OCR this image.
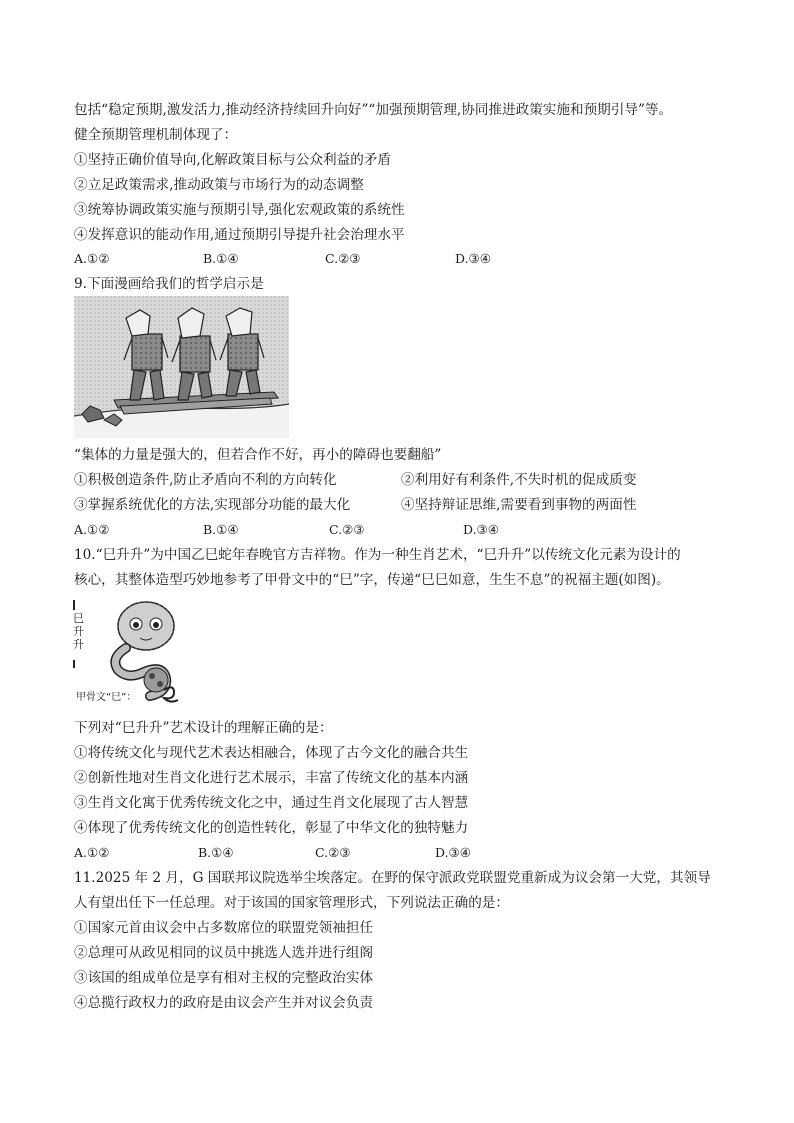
包括“稳定预期,激发活力,推动经济持续回升向好”“加强预期管理,协同推进政策实施和预期引导”等。
健全预期管理机制体现了：
①坚持正确价值导向,化解政策目标与公众利益的矛盾
②立足政策需求,推动政策与市场行为的动态调整
③统筹协调政策实施与预期引导,强化宏观政策的系统性
④发挥意识的能动作用,通过预期引导提升社会治理水平
A.①②	B.①④	C.②③	D.③④
9.下面漫画给我们的哲学启示是
“集体的力量是强大的，但若合作不好，再小的障碍也要翻船”
①积极创造条件,防止矛盾向不利的方向转化	②利用好有利条件,不失时机的促成质变
③掌握系统优化的方法,实现部分功能的最大化	④坚持辩证思维,需要看到事物的两面性
A.①②	B.①④	C.②③	D.③④
10.“巳升升”为中国乙巳蛇年春晚官方吉祥物。作为一种生肖艺术，“巳升升”以传统文化元素为设计的
核心，其整体造型巧妙地参考了甲骨文中的“巳”字，传递“巳巳如意，生生不息”的祝福主题(如图)。
巳升升
甲骨文“巳”：
下列对“巳升升”艺术设计的理解正确的是：
①将传统文化与现代艺术表达相融合，体现了古今文化的融合共生
②创新性地对生肖文化进行艺术展示，丰富了传统文化的基本内涵
③生肖文化寓于优秀传统文化之中，通过生肖文化展现了古人智慧
④体现了优秀传统文化的创造性转化，彰显了中华文化的独特魅力
A.①②	B.①④	C.②③	D.③④
11.2025 年 2 月，G 国联邦议院选举尘埃落定。在野的保守派政党联盟党重新成为议会第一大党，其领导
人有望出任下一任总理。对于该国的国家管理形式，下列说法正确的是：
①国家元首由议会中占多数席位的联盟党领袖担任
②总理可从政见相同的议员中挑选人选并进行组阁
③该国的组成单位是享有相对主权的完整政治实体
④总揽行政权力的政府是由议会产生并对议会负责
